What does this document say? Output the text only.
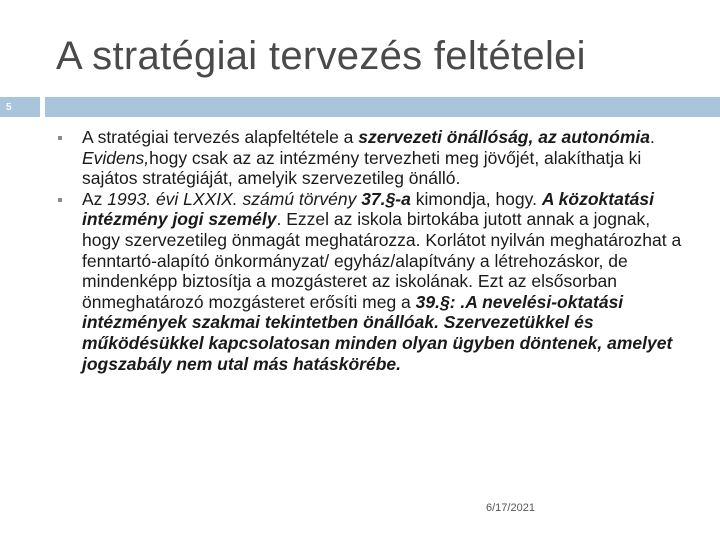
A stratégiai tervezés feltételei
5
A stratégiai tervezés alapfeltétele a szervezeti önállóság, az autonómia. Evidens,hogy csak az az intézmény tervezheti meg jövőjét, alakíthatja ki sajátos stratégiáját, amelyik szervezetileg önálló.
Az 1993. évi LXXIX. számú törvény 37.§-a kimondja, hogy. A közoktatási intézmény jogi személy. Ezzel az iskola birtokába jutott annak a jognak, hogy szervezetileg önmagát meghatározza. Korlátot nyilván meghatározhat a fenntartó-alapító önkormányzat/ egyház/alapítvány a létrehozáskor, de mindenképp biztosítja a mozgásteret az iskolának. Ezt az elsősorban önmeghatározó mozgásteret erősíti meg a 39.§: .A nevelési-oktatási intézmények szakmai tekintetben önállóak. Szervezetükkel és működésükkel kapcsolatosan minden olyan ügyben döntenek, amelyet jogszabály nem utal más hatáskörébe.
6/17/2021
